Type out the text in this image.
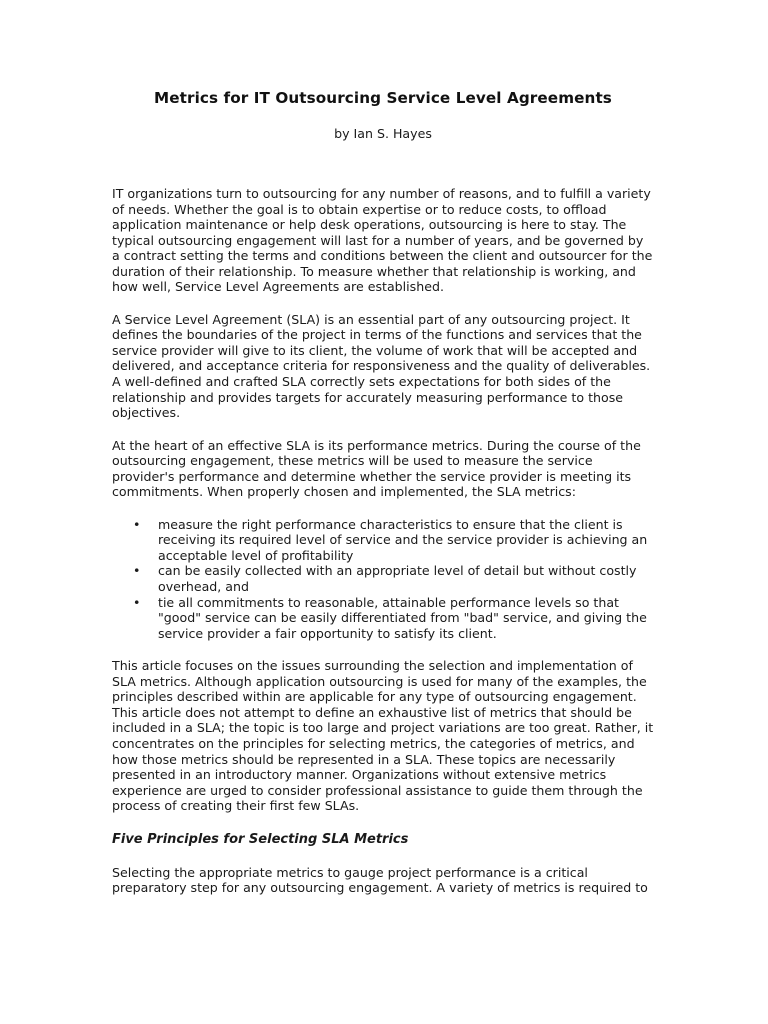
Metrics for IT Outsourcing Service Level Agreements

by Ian S. Hayes

IT organizations turn to outsourcing for any number of reasons, and to fulfill a variety of needs. Whether the goal is to obtain expertise or to reduce costs, to offload application maintenance or help desk operations, outsourcing is here to stay. The typical outsourcing engagement will last for a number of years, and be governed by a contract setting the terms and conditions between the client and outsourcer for the duration of their relationship. To measure whether that relationship is working, and how well, Service Level Agreements are established.

A Service Level Agreement (SLA) is an essential part of any outsourcing project. It defines the boundaries of the project in terms of the functions and services that the service provider will give to its client, the volume of work that will be accepted and delivered, and acceptance criteria for responsiveness and the quality of deliverables. A well-defined and crafted SLA correctly sets expectations for both sides of the relationship and provides targets for accurately measuring performance to those objectives.

At the heart of an effective SLA is its performance metrics. During the course of the outsourcing engagement, these metrics will be used to measure the service provider's performance and determine whether the service provider is meeting its commitments. When properly chosen and implemented, the SLA metrics:

• measure the right performance characteristics to ensure that the client is receiving its required level of service and the service provider is achieving an acceptable level of profitability
• can be easily collected with an appropriate level of detail but without costly overhead, and
• tie all commitments to reasonable, attainable performance levels so that "good" service can be easily differentiated from "bad" service, and giving the service provider a fair opportunity to satisfy its client.

This article focuses on the issues surrounding the selection and implementation of SLA metrics. Although application outsourcing is used for many of the examples, the principles described within are applicable for any type of outsourcing engagement. This article does not attempt to define an exhaustive list of metrics that should be included in a SLA; the topic is too large and project variations are too great. Rather, it concentrates on the principles for selecting metrics, the categories of metrics, and how those metrics should be represented in a SLA. These topics are necessarily presented in an introductory manner. Organizations without extensive metrics experience are urged to consider professional assistance to guide them through the process of creating their first few SLAs.

Five Principles for Selecting SLA Metrics

Selecting the appropriate metrics to gauge project performance is a critical preparatory step for any outsourcing engagement. A variety of metrics is required to
